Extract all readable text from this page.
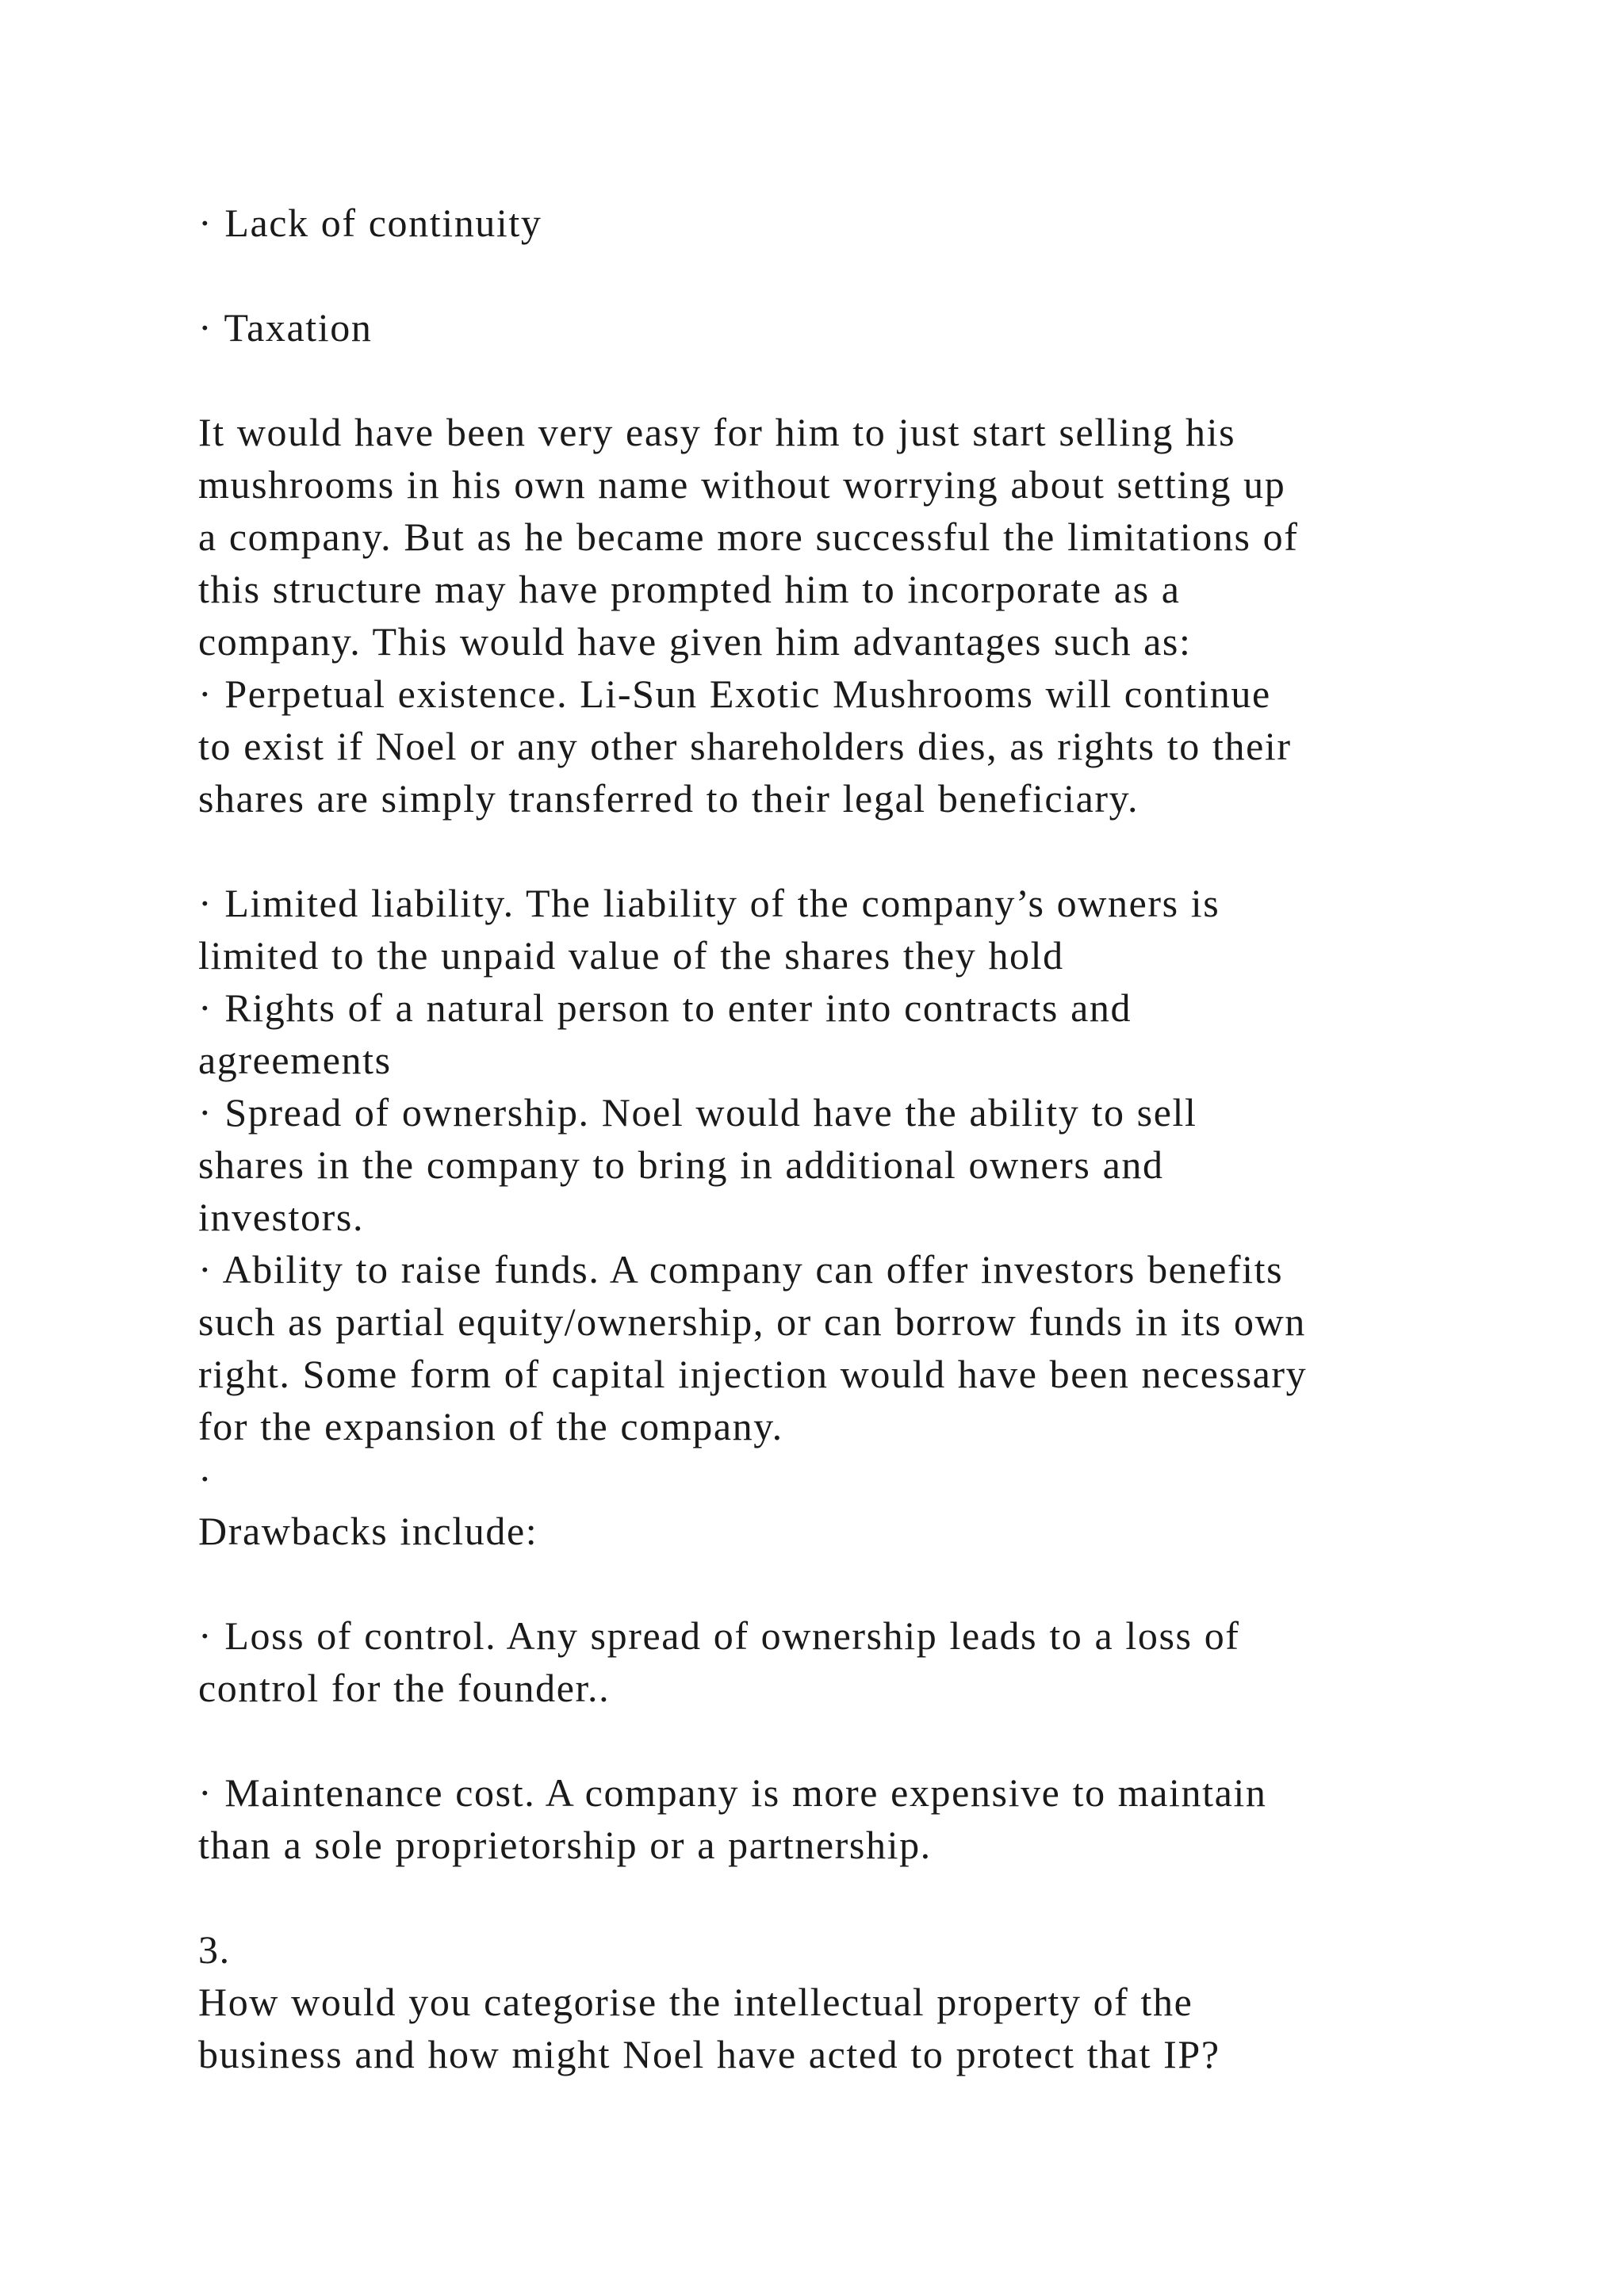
· Lack of continuity
· Taxation
It would have been very easy for him to just start selling his
mushrooms in his own name without worrying about setting up
a company. But as he became more successful the limitations of
this structure may have prompted him to incorporate as a
company. This would have given him advantages such as:
· Perpetual existence. Li-Sun Exotic Mushrooms will continue
to exist if Noel or any other shareholders dies, as rights to their
shares are simply transferred to their legal beneficiary.
· Limited liability. The liability of the company’s owners is
limited to the unpaid value of the shares they hold
· Rights of a natural person to enter into contracts and
agreements
· Spread of ownership. Noel would have the ability to sell
shares in the company to bring in additional owners and
investors.
· Ability to raise funds. A company can offer investors benefits
such as partial equity/ownership, or can borrow funds in its own
right. Some form of capital injection would have been necessary
for the expansion of the company.
·
Drawbacks include:
· Loss of control. Any spread of ownership leads to a loss of
control for the founder..
· Maintenance cost. A company is more expensive to maintain
than a sole proprietorship or a partnership.
3.
How would you categorise the intellectual property of the
business and how might Noel have acted to protect that IP?
